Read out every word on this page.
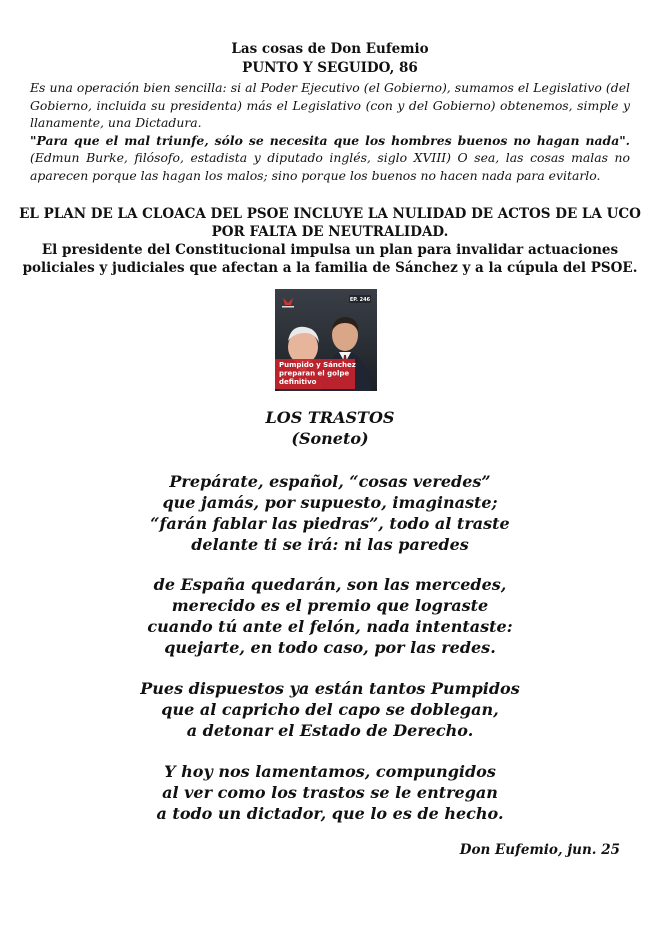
Las cosas de Don Eufemio
PUNTO Y SEGUIDO, 86

Es una operación bien sencilla: si al Poder Ejecutivo (el Gobierno), sumamos el Legislativo (del Gobierno, incluida su presidenta) más el Legislativo (con y del Gobierno) obtenemos, simple y llanamente, una Dictadura.

"Para que el mal triunfe, sólo se necesita que los hombres buenos no hagan nada". (Edmun Burke, filósofo, estadista y diputado inglés, siglo XVIII) O sea, las cosas malas no aparecen porque las hagan los malos; sino porque los buenos no hacen nada para evitarlo.

EL PLAN DE LA CLOACA DEL PSOE INCLUYE LA NULIDAD DE ACTOS DE LA UCO
POR FALTA DE NEUTRALIDAD.
El presidente del Constitucional impulsa un plan para invalidar actuaciones
policiales y judiciales que afectan a la familia de Sánchez y a la cúpula del PSOE.
EP. 246
Pumpido y Sánchez
preparan el golpe
definitivo
LOS TRASTOS
(Soneto)
Prepárate, español, “cosas veredes”
que jamás, por supuesto, imaginaste;
“farán fablar las piedras”, todo al traste
delante ti se irá: ni las paredes
de España quedarán, son las mercedes,
merecido es el premio que lograste
cuando tú ante el felón, nada intentaste:
quejarte, en todo caso, por las redes.
Pues dispuestos ya están tantos Pumpidos
que al capricho del capo se doblegan,
a detonar el Estado de Derecho.
Y hoy nos lamentamos, compungidos
al ver como los trastos se le entregan
a todo un dictador, que lo es de hecho.
Don Eufemio, jun. 25
